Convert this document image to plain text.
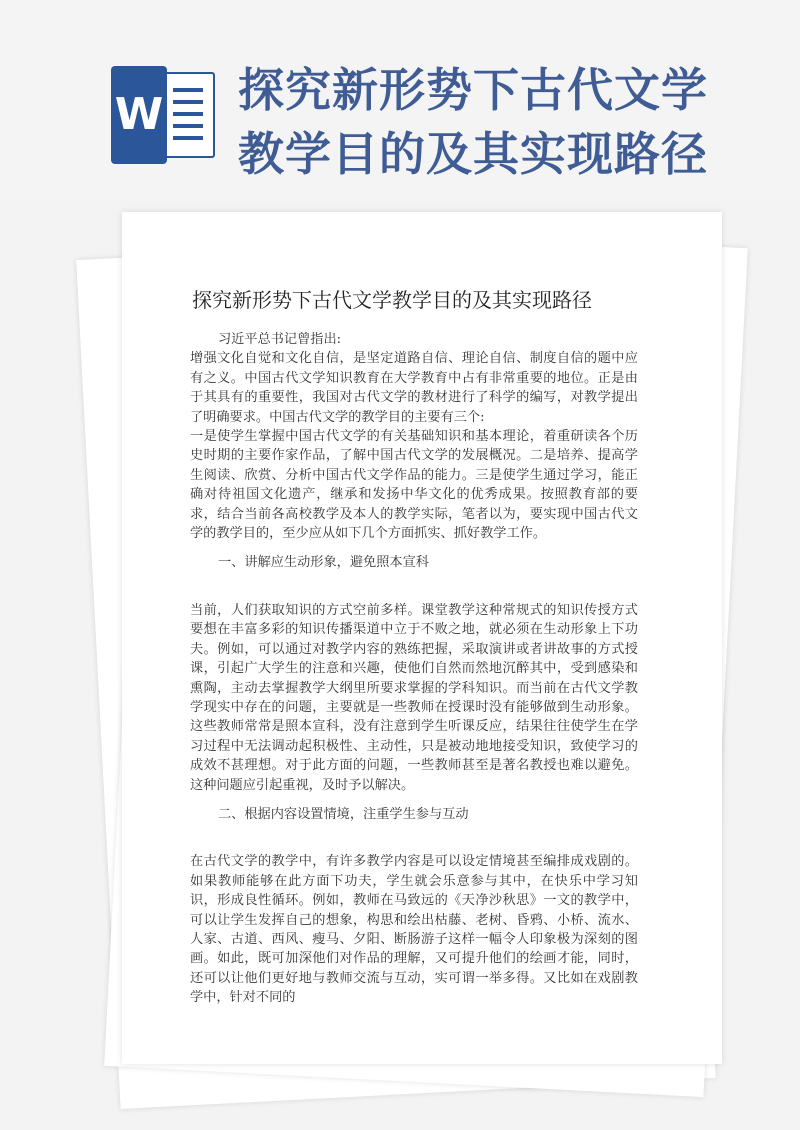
W 探究新形势下古代文学
教学目的及其实现路径
探究新形势下古代文学教学目的及其实现路径

习近平总书记曾指出:

增强文化自觉和文化自信，是坚定道路自信、理论自信、制度自信的题中应有之义。中国古代文学知识教育在大学教育中占有非常重要的地位。正是由于其具有的重要性，我国对古代文学的教材进行了科学的编写，对教学提出了明确要求。中国古代文学的教学目的主要有三个:

一是使学生掌握中国古代文学的有关基础知识和基本理论，着重研读各个历史时期的主要作家作品，了解中国古代文学的发展概况。二是培养、提高学生阅读、欣赏、分析中国古代文学作品的能力。三是使学生通过学习，能正确对待祖国文化遗产，继承和发扬中华文化的优秀成果。按照教育部的要求，结合当前各高校教学及本人的教学实际，笔者以为，要实现中国古代文学的教学目的，至少应从如下几个方面抓实、抓好教学工作。

一、讲解应生动形象，避免照本宣科

当前，人们获取知识的方式空前多样。课堂教学这种常规式的知识传授方式要想在丰富多彩的知识传播渠道中立于不败之地，就必须在生动形象上下功夫。例如，可以通过对教学内容的熟练把握，采取演讲或者讲故事的方式授课，引起广大学生的注意和兴趣，使他们自然而然地沉醉其中，受到感染和熏陶，主动去掌握教学大纲里所要求掌握的学科知识。而当前在古代文学教学现实中存在的问题，主要就是一些教师在授课时没有能够做到生动形象。这些教师常常是照本宣科，没有注意到学生听课反应，结果往往使学生在学习过程中无法调动起积极性、主动性，只是被动地地接受知识，致使学习的成效不甚理想。对于此方面的问题，一些教师甚至是著名教授也难以避免。这种问题应引起重视，及时予以解决。

二、根据内容设置情境，注重学生参与互动

在古代文学的教学中，有许多教学内容是可以设定情境甚至编排成戏剧的。如果教师能够在此方面下功夫，学生就会乐意参与其中，在快乐中学习知识，形成良性循环。例如，教师在马致远的《天净沙秋思》一文的教学中，可以让学生发挥自己的想象，构思和绘出枯藤、老树、昏鸦、小桥、流水、人家、古道、西风、瘦马、夕阳、断肠游子这样一幅令人印象极为深刻的图画。如此，既可加深他们对作品的理解，又可提升他们的绘画才能，同时，还可以让他们更好地与教师交流与互动，实可谓一举多得。又比如在戏剧教学中，针对不同的
